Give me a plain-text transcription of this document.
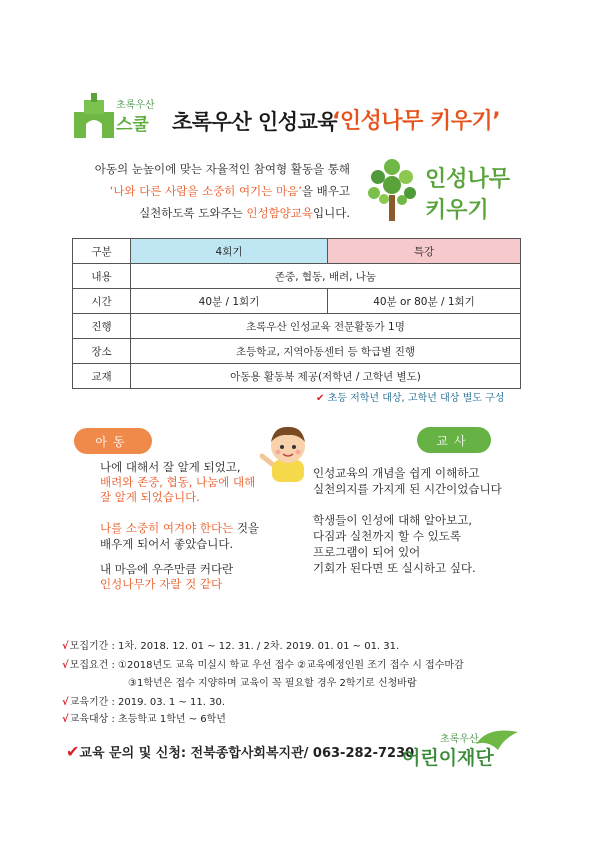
초록우산
스쿨 초록우산 인성교육
‘인성나무 키우기’
아동의 눈높이에 맞는 자율적인 참여형 활동을 통해
‘나와 다른 사람을 소중히 여기는 마음’을 배우고
실천하도록 도와주는 인성함양교육입니다.
인성나무
키우기
구분	4회기	특강
내용	존중, 협동, 배려, 나눔	
시간	40분 / 1회기	40분 or 80분 / 1회기
진행	초록우산 인성교육 전문활동가 1명	
장소	초등학교, 지역아동센터 등 학급별 진행	
교재	아동용 활동북 제공(저학년 / 고학년 별도)	
✔ 초등 저학년 대상, 고학년 대상 별도 구성
아동	교사
나에 대해서 잘 알게 되었고,
배려와 존중, 협동, 나눔에 대해
잘 알게 되었습니다.
나를 소중히 여겨야 한다는 것을
배우게 되어서 좋았습니다.
내 마음에 우주만큼 커다란
인성나무가 자랄 것 같다
인성교육의 개념을 쉽게 이해하고
실천의지를 가지게 된 시간이었습니다
학생들이 인성에 대해 알아보고,
다짐과 실천까지 할 수 있도록
프로그램이 되어 있어
기회가 된다면 또 실시하고 싶다.
√모집기간 : 1차. 2018. 12. 01 ~ 12. 31. / 2차. 2019. 01. 01 ~ 01. 31.
√모집요건 : ①2018년도 교육 미실시 학교 우선 접수 ②교육예정인원 조기 접수 시 접수마감
③1학년은 접수 지양하며 교육이 꼭 필요할 경우 2학기로 신청바람
√교육기간 : 2019. 03. 1 ~ 11. 30.
√교육대상 : 초등학교 1학년 ~ 6학년
✔교육 문의 및 신청: 전북종합사회복지관/ 063-282-7230
초록우산
어린이재단
